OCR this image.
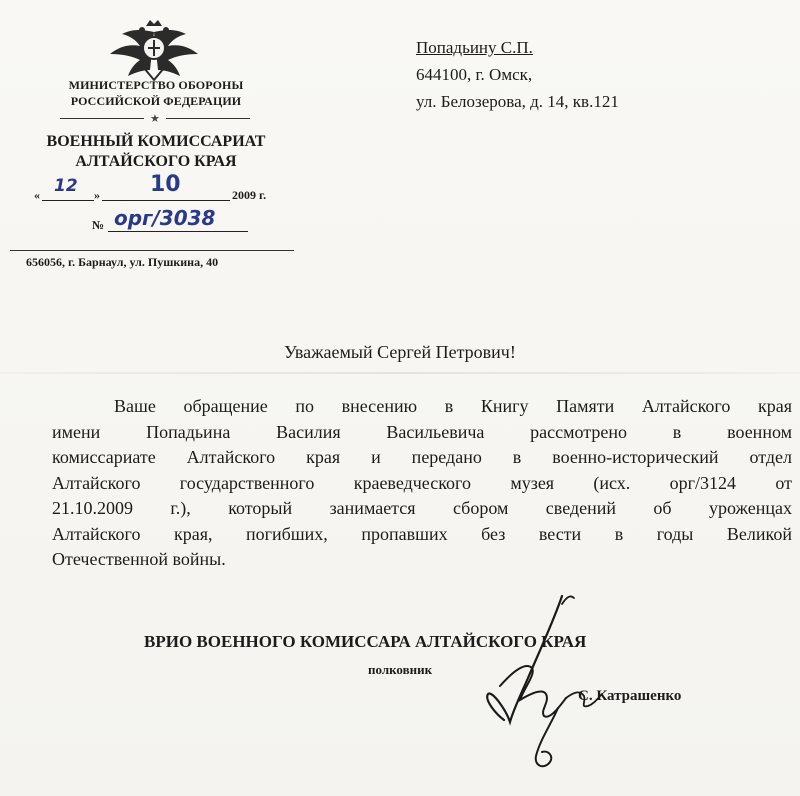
МИНИСТЕРСТВО ОБОРОНЫ
РОССИЙСКОЙ ФЕДЕРАЦИИ
★
ВОЕННЫЙ КОМИССАРИАТ
АЛТАЙСКОГО КРАЯ
« 12 » 10	2009 г.
№ орг/3038
656056, г. Барнаул, ул. Пушкина, 40
Попадьину С.П.
644100, г. Омск,
ул. Белозерова, д. 14, кв.121
Уважаемый Сергей Петрович!
Ваше обращение по внесению в Книгу Памяти Алтайского края
имени Попадьина Василия Васильевича рассмотрено в военном
комиссариате Алтайского края и передано в военно-исторический отдел
Алтайского государственного краеведческого музея (исх. орг/3124 от
21.10.2009 г.), который занимается сбором сведений об уроженцах
Алтайского края, погибших, пропавших без вести в годы Великой
Отечественной войны.
ВРИО ВОЕННОГО КОМИССАРА АЛТАЙСКОГО КРАЯ
полковник
С. Катрашенко
